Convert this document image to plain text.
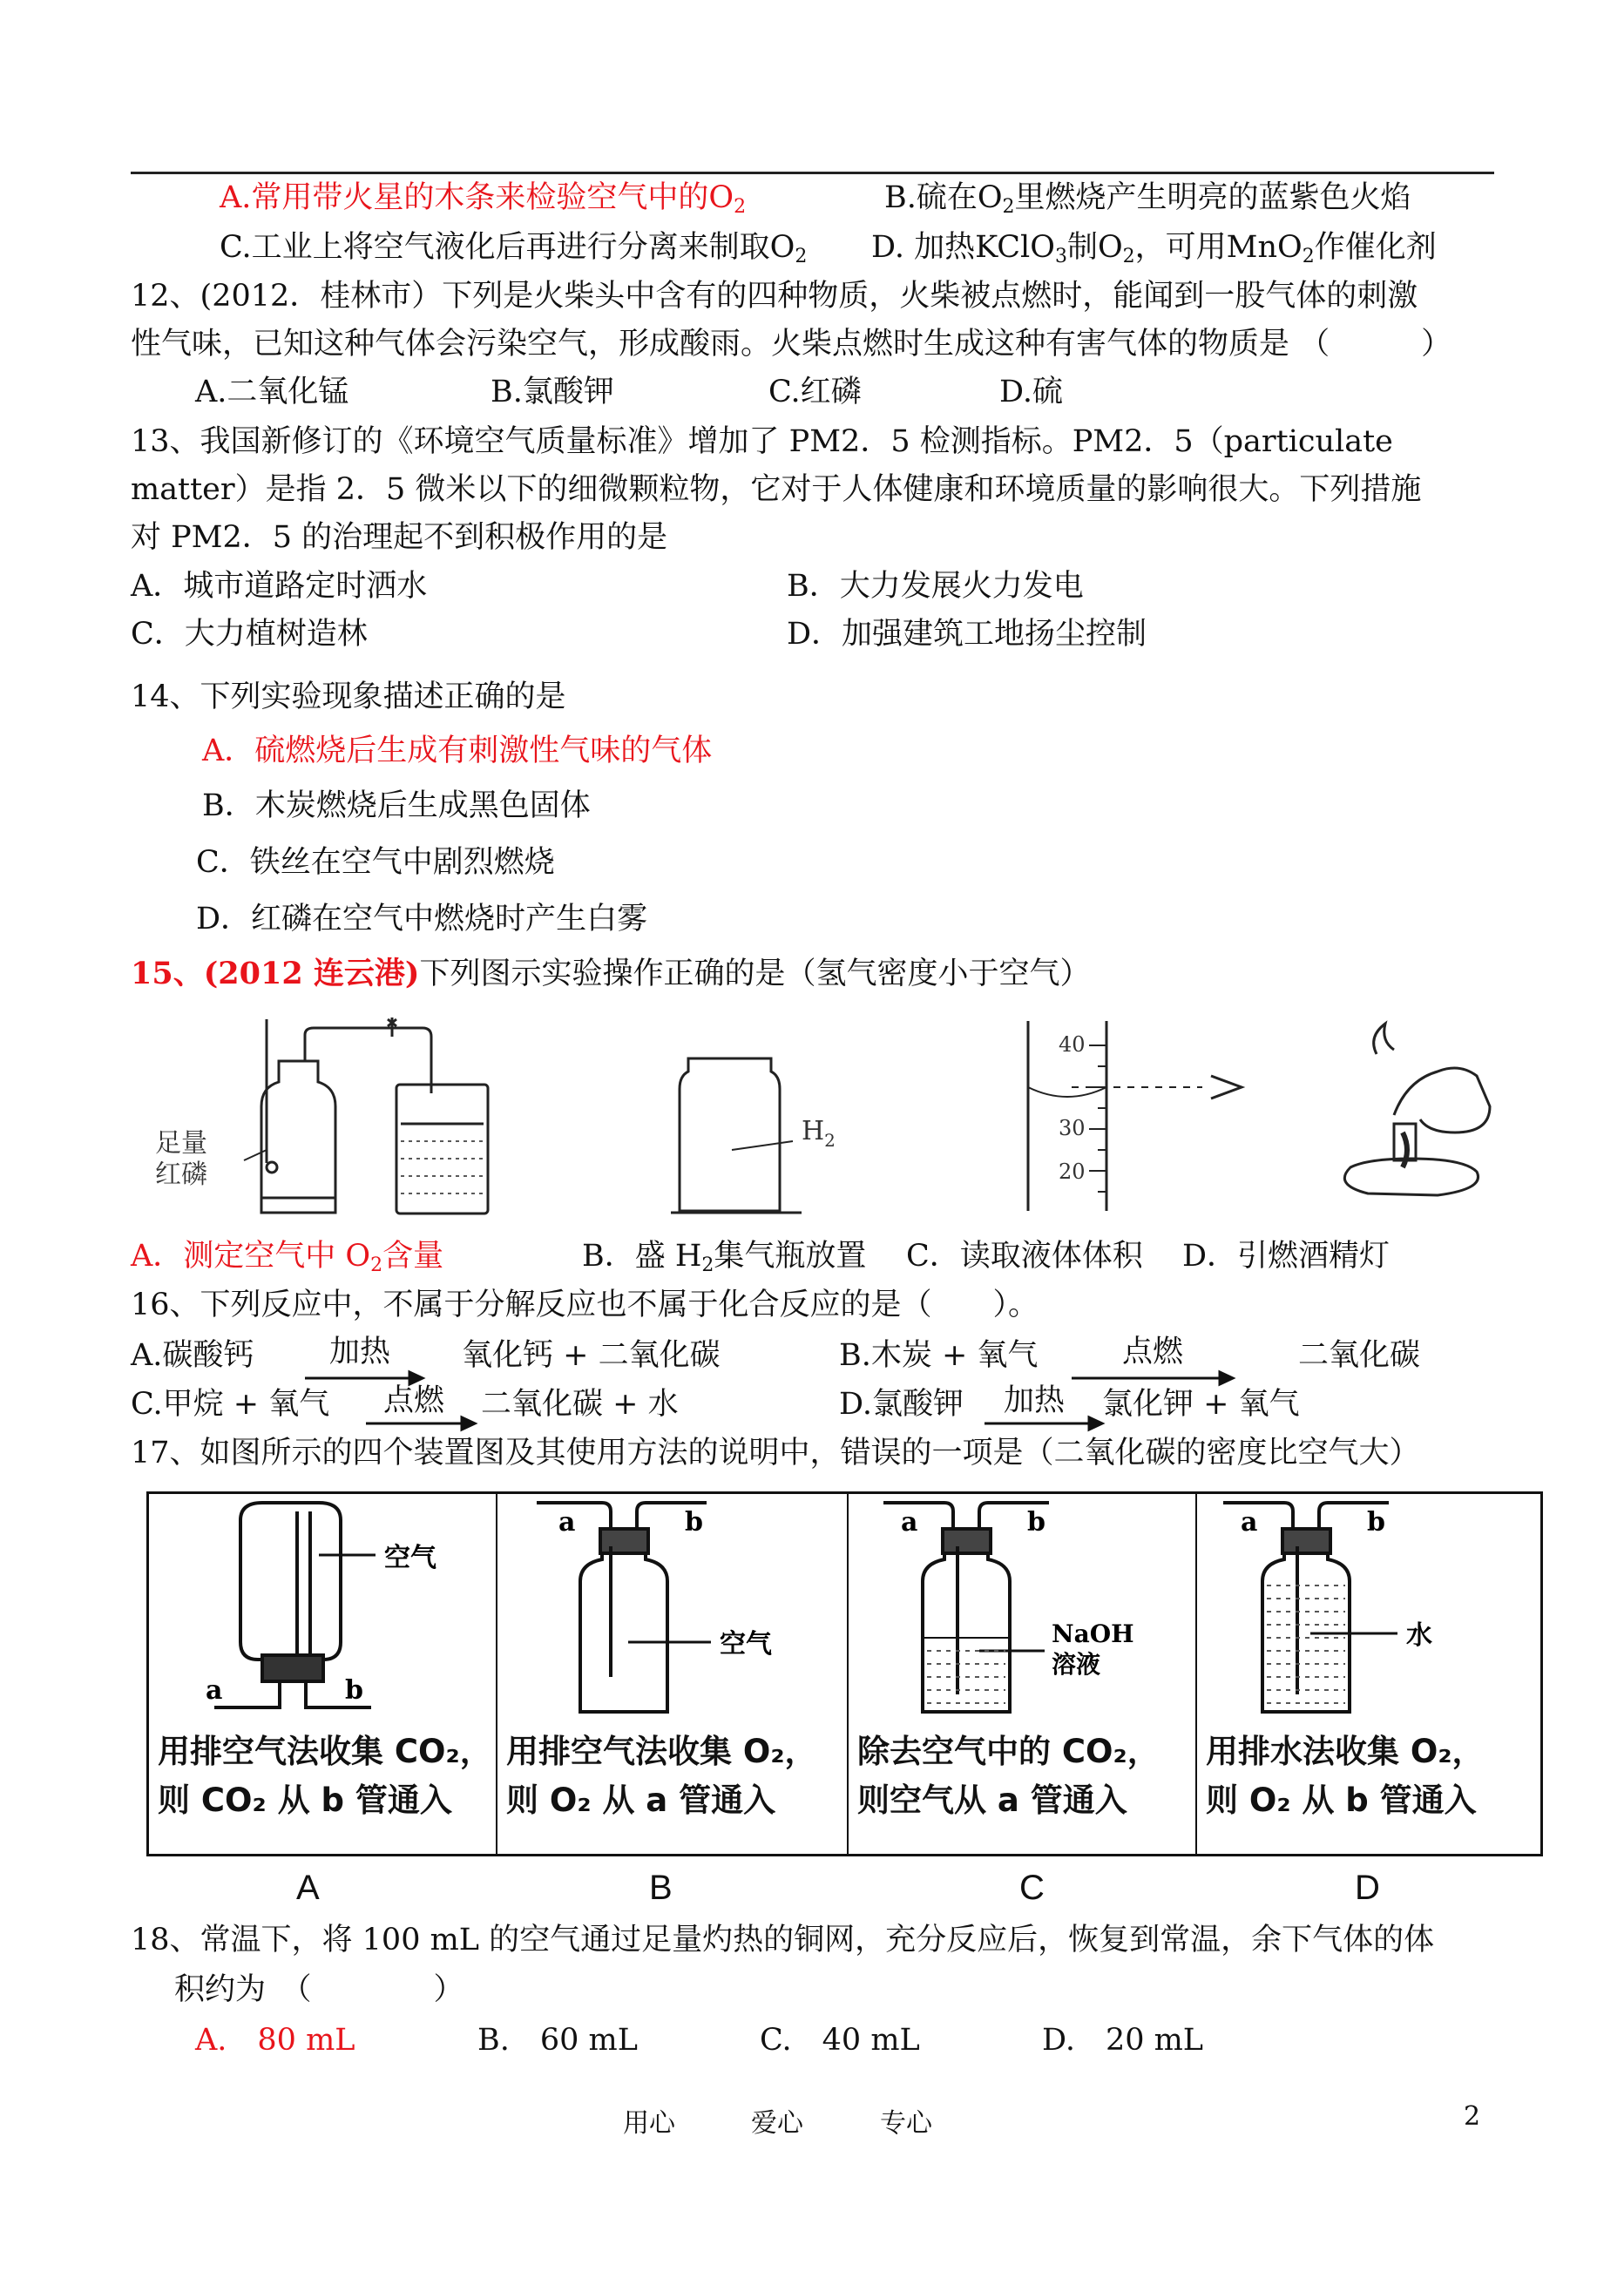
A.常用带火星的木条来检验空气中的$O_2$	B.硫在$O_2$里燃烧产生明亮的蓝紫色火焰
C.工业上将空气液化后再进行分离来制取$O_2$ D. 加热KClO$_3$制$O_2$，可用MnO$_2$作催化剂
12、(2012．桂林市）下列是火柴头中含有的四种物质，火柴被点燃时，能闻到一股气体的刺激
性气味，已知这种气体会污染空气，形成酸雨。火柴点燃时生成这种有害气体的物质是 （　　　）
A.二氧化锰	B.氯酸钾	C.红磷	D.硫
13、我国新修订的《环境空气质量标准》增加了 PM2．5 检测指标。PM2．5（particulate
matter）是指 2．5 微米以下的细微颗粒物，它对于人体健康和环境质量的影响很大。下列措施
对 PM2．5 的治理起不到积极作用的是
A．城市道路定时洒水	B．大力发展火力发电
C．大力植树造林	D．加强建筑工地扬尘控制
14、下列实验现象描述正确的是
A．硫燃烧后生成有刺激性气味的气体
B．木炭燃烧后生成黑色固体
C．铁丝在空气中剧烈燃烧
D．红磷在空气中燃烧时产生白雾
15、(2012 连云港)下列图示实验操作正确的是（氢气密度小于空气）
足量
红磷
$H_2$
40
30
20
A．测定空气中 $O_2$含量	B．盛 $H_2$集气瓶放置 C．读取液体体积 D．引燃酒精灯
16、下列反应中，不属于分解反应也不属于化合反应的是（　　）。
A.碳酸钙 加热 氧化钙 + 二氧化碳	B.木炭 + 氧气	点燃	二氧化碳
C.甲烷 + 氧气 点燃 二氧化碳 + 水	D.氯酸钾 加热 氯化钾 + 氧气
17、如图所示的四个装置图及其使用方法的说明中，错误的一项是（二氧化碳的密度比空气大）
空气
a	b
用排空气法收集 CO₂，
则 CO₂ 从 b 管通入
a	b
空气
用排空气法收集 O₂，
则 O₂ 从 a 管通入
a	b
NaOH
溶液
除去空气中的 CO₂，
则空气从 a 管通入
a	b
水
用排水法收集 O₂，
则 O₂ 从 b 管通入
A	B	C	D
18、常温下，将 100 mL 的空气通过足量灼热的铜网，充分反应后，恢复到常温，余下气体的体
积约为　（　　　　）
A.　80 mL	B.　60 mL	C.　40 mL	D.　20 mL
用心	爱心	专心	2
